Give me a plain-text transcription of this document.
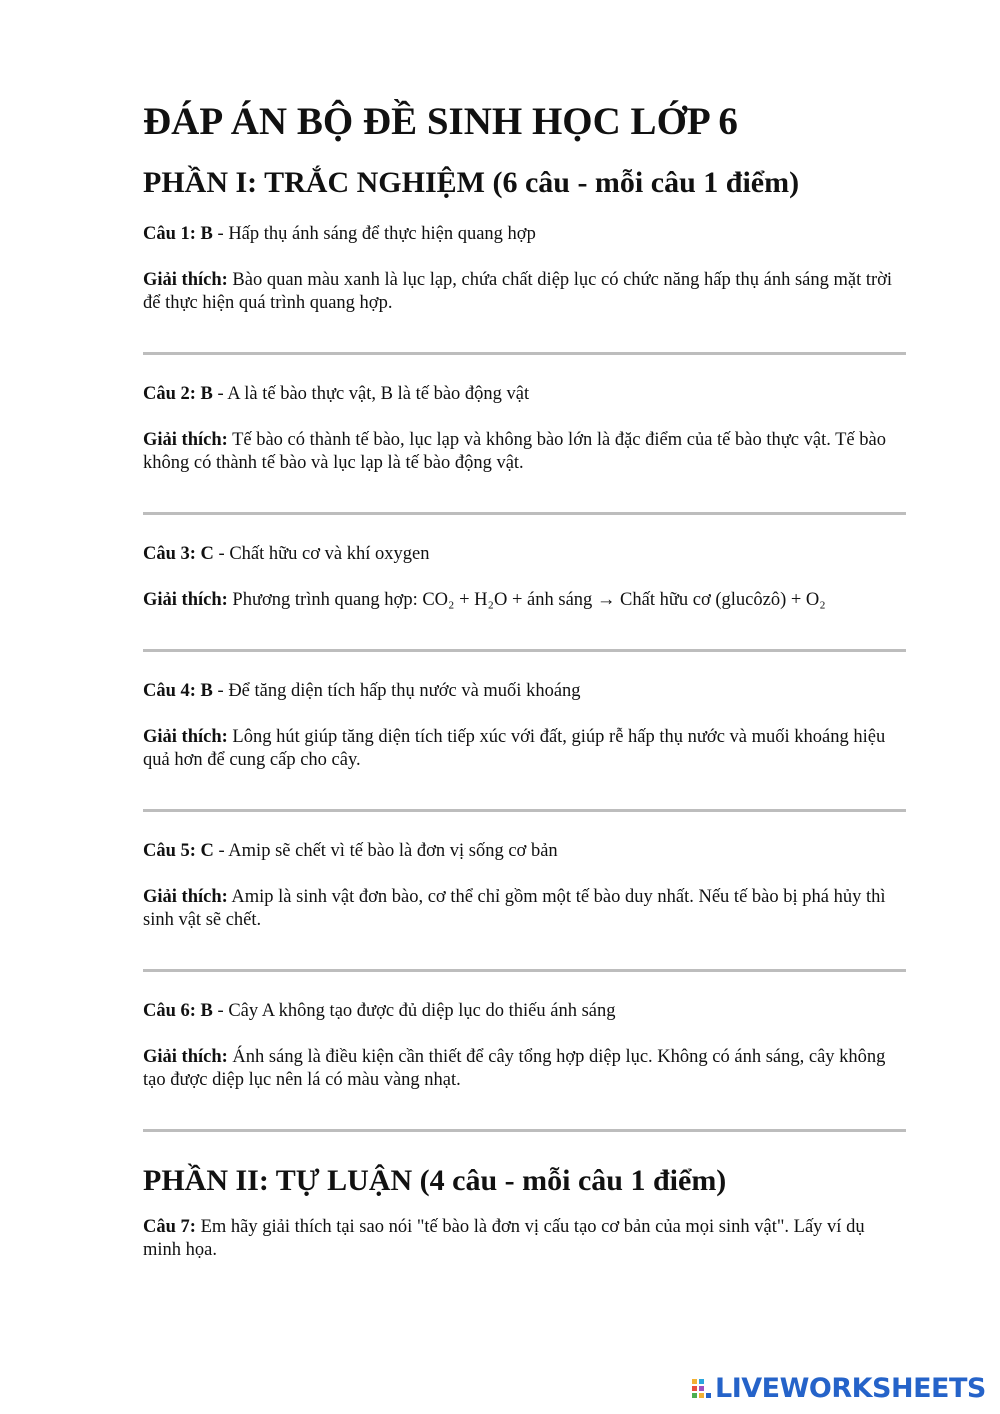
ĐÁP ÁN BỘ ĐỀ SINH HỌC LỚP 6
PHẦN I: TRẮC NGHIỆM (6 câu - mỗi câu 1 điểm)

Câu 1: B - Hấp thụ ánh sáng để thực hiện quang hợp

Giải thích: Bào quan màu xanh là lục lạp, chứa chất diệp lục có chức năng hấp thụ ánh sáng mặt trời để thực hiện quá trình quang hợp.

Câu 2: B - A là tế bào thực vật, B là tế bào động vật

Giải thích: Tế bào có thành tế bào, lục lạp và không bào lớn là đặc điểm của tế bào thực vật. Tế bào không có thành tế bào và lục lạp là tế bào động vật.

Câu 3: C - Chất hữu cơ và khí oxygen

Giải thích: Phương trình quang hợp: CO₂ + H₂O + ánh sáng → Chất hữu cơ (glucôzô) + O₂

Câu 4: B - Để tăng diện tích hấp thụ nước và muối khoáng

Giải thích: Lông hút giúp tăng diện tích tiếp xúc với đất, giúp rễ hấp thụ nước và muối khoáng hiệu quả hơn để cung cấp cho cây.

Câu 5: C - Amip sẽ chết vì tế bào là đơn vị sống cơ bản

Giải thích: Amip là sinh vật đơn bào, cơ thể chỉ gồm một tế bào duy nhất. Nếu tế bào bị phá hủy thì sinh vật sẽ chết.

Câu 6: B - Cây A không tạo được đủ diệp lục do thiếu ánh sáng

Giải thích: Ánh sáng là điều kiện cần thiết để cây tổng hợp diệp lục. Không có ánh sáng, cây không tạo được diệp lục nên lá có màu vàng nhạt.

PHẦN II: TỰ LUẬN (4 câu - mỗi câu 1 điểm)

Câu 7: Em hãy giải thích tại sao nói "tế bào là đơn vị cấu tạo cơ bản của mọi sinh vật". Lấy ví dụ minh họa.

LIVEWORKSHEETS
